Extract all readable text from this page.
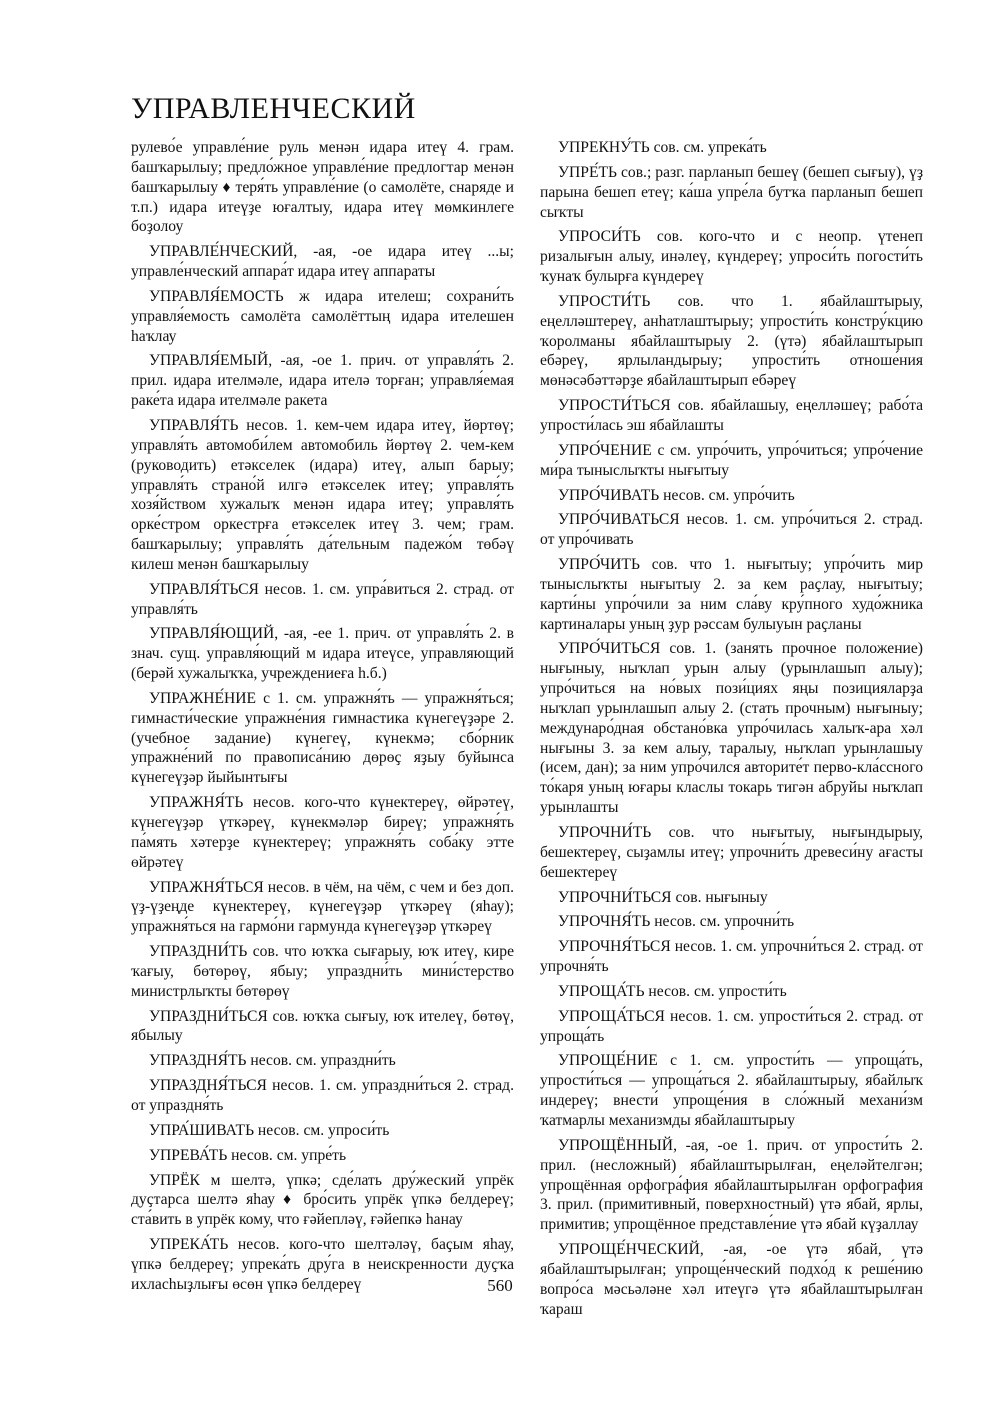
УПРАВЛЕНЧЕСКИЙ

рулево́е управле́ние руль менән идара итеү 4. грам. башҡарылыу; предло́жное управле́ние предлогтар менән башҡарылыу ♦ теря́ть управле́ние (о самолёте, снаряде и т.п.) идара итеүҙе юғалтыу, идара итеү мөмкинлеге боҙолоу

УПРАВЛЕ́НЧЕСКИЙ, -ая, -ое идара итеү ...ы; управле́нческий аппара́т идара итеү аппараты

УПРАВЛЯ́ЕМОСТЬ ж идара ителеш; сохрани́ть управля́емость самолёта самолёттың идара ителешен һаҡлау

УПРАВЛЯ́ЕМЫЙ, -ая, -ое 1. прич. от управля́ть 2. прил. идара ителмәле, идара ителә торған; управля́емая раке́та идара ителмәле ракета

УПРАВЛЯ́ТЬ несов. 1. кем-чем идара итеү, йөртөү; управля́ть автомоби́лем автомобиль йөртөү 2. чем-кем (руководить) етәкселек (идара) итеү, алып барыу; управля́ть страно́й илгә етәкселек итеү; управля́ть хозя́йством хужалыҡ менән идара итеү; управля́ть орке́стром оркестрға етәкселек итеү 3. чем; грам. башҡарылыу; управля́ть да́тельным падежо́м төбәү килеш менән башҡарылыу

УПРАВЛЯ́ТЬСЯ несов. 1. см. упра́виться 2. страд. от управля́ть

УПРАВЛЯ́ЮЩИЙ, -ая, -ее 1. прич. от управля́ть 2. в знач. сущ. управля́ющий м идара итеүсе, управляющий (берәй хужалыҡҡа, учреждениеға һ.б.)

УПРАЖНЕ́НИЕ с 1. см. упражня́ть — упражня́ться; гимнасти́ческие упражне́ния гимнастика күнегеүҙәре 2. (учебное задание) күнегеү, күнекмә; сбо́рник упражне́ний по правописа́нию дөрөҫ яҙыу буйынса күнегеүҙәр йыйынтығы

УПРАЖНЯ́ТЬ несов. кого-что күнектереү, өйрәтеү, күнегеүҙәр үткәреү, күнекмәләр биреү; упражня́ть па́мять хәтерҙе күнектереү; упражня́ть соба́ку этте өйрәтеү

УПРАЖНЯ́ТЬСЯ несов. в чём, на чём, с чем и без доп. үҙ-үҙеңде күнектереү, күнегеүҙәр үткәреү (яһау); упражня́ться на гармо́ни гармунда күнегеүҙәр үткәреү

УПРАЗДНИ́ТЬ сов. что юҡҡа сығарыу, юҡ итеү, кире ҡағыу, бөтөрөү, ябыу; упраздни́ть мини́стерство министрлыҡты бөтөрөү

УПРАЗДНИ́ТЬСЯ сов. юҡҡа сығыу, юҡ ителеү, бөтөү, ябылыу

УПРАЗДНЯ́ТЬ несов. см. упраздни́ть

УПРАЗДНЯ́ТЬСЯ несов. 1. см. упраздни́ться 2. страд. от упраздня́ть

УПРА́ШИВАТЬ несов. см. упроси́ть

УПРЕВА́ТЬ несов. см. упре́ть

УПРЁК м шелтә, үпкә; сде́лать дру́жеский упрёк дуҫтарса шелтә яһау ♦ бро́сить упрёк үпкә белдереү; ста́вить в упрёк кому, что ғәйепләү, ғәйепкә һанау

УПРЕКА́ТЬ несов. кого-что шелтәләү, баҫым яһау, үпкә белдереү; упрека́ть дру́га в неискренности дуҫҡа ихласһыҙлығы өсөн үпкә белдереү

УПРЕКНУ́ТЬ сов. см. упрека́ть

УПРЕ́ТЬ сов.; разг. парланып бешеү (бешеп сығыу), үҙ парына бешеп етеү; ка́ша упре́ла бутҡа парланып бешеп сыҡты

УПРОСИ́ТЬ сов. кого-что и с неопр. үтенеп ризалығын алыу, инәлеү, күндереү; упроси́ть погости́ть ҡунаҡ булырға күндереү

УПРОСТИ́ТЬ сов. что 1. ябайлаштырыу, еңелләштереү, анһатлаштырыу; упрости́ть констру́кцию ҡоролманы ябайлаштырыу 2. (үтә) ябайлаштырып ебәреү, ярлыландырыу; упрости́ть отноше́ния мөнәсәбәттәрҙе ябайлаштырып ебәреү

УПРОСТИ́ТЬСЯ сов. ябайлашыу, еңелләшеү; рабо́та упрости́лась эш ябайлашты

УПРО́ЧЕНИЕ с см. упро́чить, упро́читься; упро́чение ми́ра тыныслыҡты нығытыу

УПРО́ЧИВАТЬ несов. см. упро́чить

УПРО́ЧИВАТЬСЯ несов. 1. см. упро́читься 2. страд. от упро́чивать

УПРО́ЧИТЬ сов. что 1. нығытыу; упро́чить мир тыныслыҡты нығытыу 2. за кем раҫлау, нығытыу; карти́ны упро́чили за ним сла́ву кру́пного худо́жника картиналары уның ҙур рәссам булыуын раҫланы

УПРО́ЧИТЬСЯ сов. 1. (занять прочное положение) нығыныу, ныҡлап урын алыу (урынлашып алыу); упро́читься на но́вых пози́циях яңы позицияларҙа ныҡлап урынлашып алыу 2. (стать прочным) нығыныу; междунаро́дная обстано́вка упро́чилась халыҡ-ара хәл нығыны 3. за кем алыу, таралыу, ныҡлап урынлашыу (исем, дан); за ним упро́чился авторите́т перво-кла́ссного то́каря уның юғары класлы токарь тигән абруйы ныҡлап урынлашты

УПРОЧНИ́ТЬ сов. что нығытыу, нығындырыу, бешектереү, сыҙамлы итеү; упрочни́ть древеси́ну ағасты бешектереү

УПРОЧНИ́ТЬСЯ сов. нығыныу

УПРОЧНЯ́ТЬ несов. см. упрочни́ть

УПРОЧНЯ́ТЬСЯ несов. 1. см. упрочни́ться 2. страд. от упрочня́ть

УПРОЩА́ТЬ несов. см. упрости́ть

УПРОЩА́ТЬСЯ несов. 1. см. упрости́ться 2. страд. от упроща́ть

УПРОЩЕ́НИЕ с 1. см. упрости́ть — упроща́ть, упрости́ться — упроща́ться 2. ябайлаштырыу, ябайлыҡ индереү; внести́ упроще́ния в сло́жный механи́зм ҡатмарлы механизмды ябайлаштырыу

УПРОЩЁННЫЙ, -ая, -ое 1. прич. от упрости́ть 2. прил. (несложный) ябайлаштырылған, еңеләйтелгән; упрощённая орфогра́фия ябайлаштырылған орфография 3. прил. (примитивный, поверхностный) үтә ябай, ярлы, примитив; упрощённое представле́ние үтә ябай күҙаллау

УПРОЩЕ́НЧЕСКИЙ, -ая, -ое үтә ябай, үтә ябайлаштырылған; упроще́нческий подхо́д к реше́нию вопро́са мәсьәләне хәл итеүгә үтә ябайлаштырылған ҡараш

560
